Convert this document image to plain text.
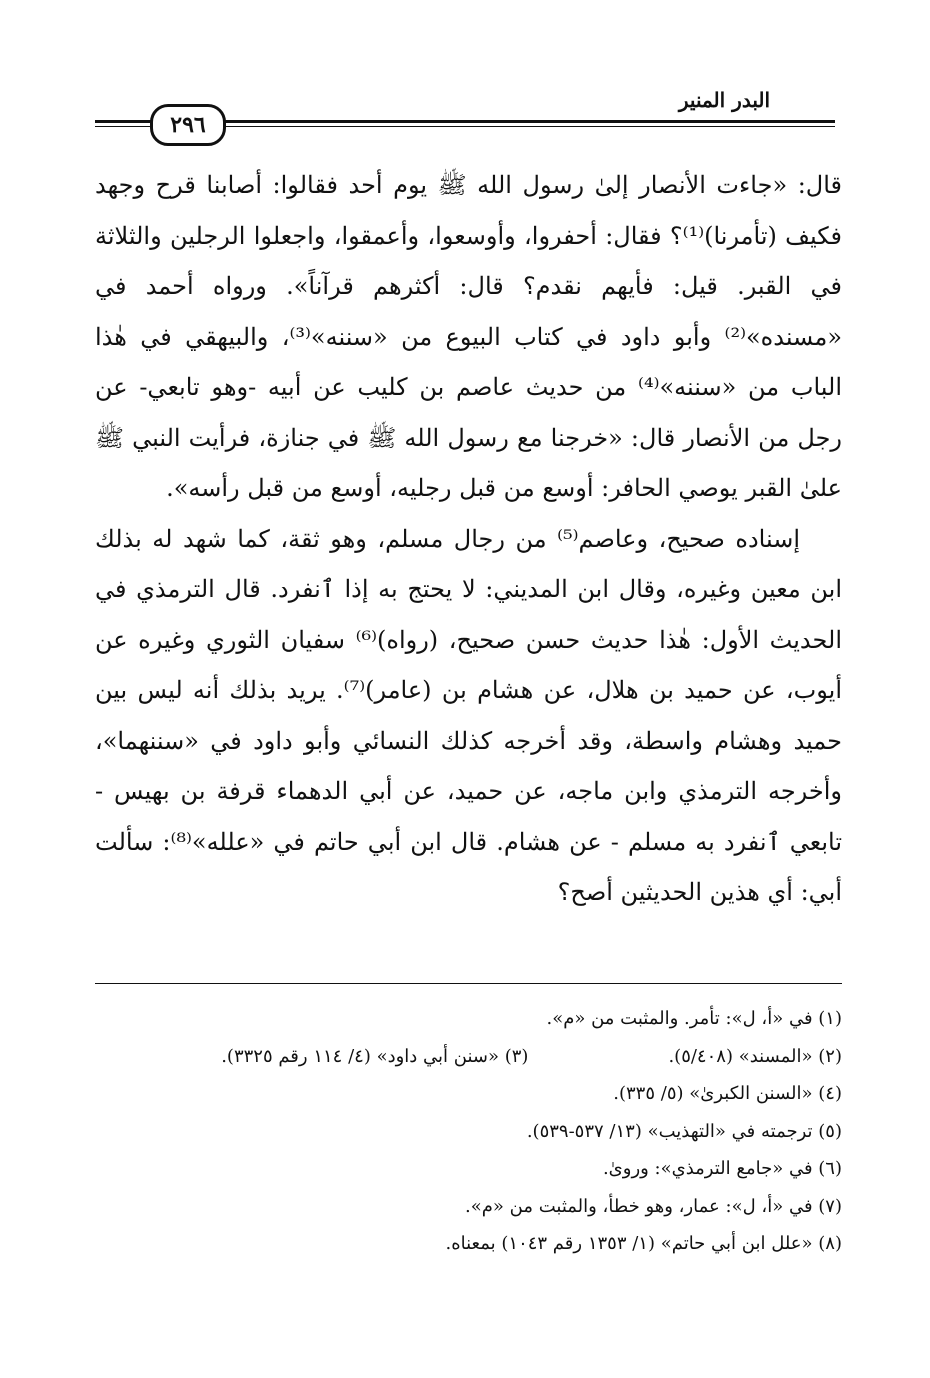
البدر المنير
٢٩٦

قال: «جاءت الأنصار إلىٰ رسول الله ﷺ يوم أحد فقالوا: أصابنا قرح وجهد فكيف (تأمرنا)⁽¹⁾؟ فقال: أحفروا، وأوسعوا، وأعمقوا، واجعلوا الرجلين والثلاثة في القبر. قيل: فأيهم نقدم؟ قال: أكثرهم قرآناً». ورواه أحمد في «مسنده»⁽²⁾ وأبو داود في كتاب البيوع من «سننه»⁽³⁾، والبيهقي في هٰذا الباب من «سننه»⁽⁴⁾ من حديث عاصم بن كليب عن أبيه -وهو تابعي- عن رجل من الأنصار قال: «خرجنا مع رسول الله ﷺ في جنازة، فرأيت النبي ﷺ علىٰ القبر يوصي الحافر: أوسع من قبل رجليه، أوسع من قبل رأسه».

إسناده صحيح، وعاصم⁽⁵⁾ من رجال مسلم، وهو ثقة، كما شهد له بذلك ابن معين وغيره، وقال ابن المديني: لا يحتج به إذا ٱنفرد. قال الترمذي في الحديث الأول: هٰذا حديث حسن صحيح، (رواه)⁽⁶⁾ سفيان الثوري وغيره عن أيوب، عن حميد بن هلال، عن هشام بن (عامر)⁽⁷⁾. يريد بذلك أنه ليس بين حميد وهشام واسطة، وقد أخرجه كذلك النسائي وأبو داود في «سننهما»، وأخرجه الترمذي وابن ماجه، عن حميد، عن أبي الدهماء قرفة بن بهيس - تابعي ٱنفرد به مسلم - عن هشام. قال ابن أبي حاتم في «علله»⁽⁸⁾: سألت أبي: أي هذين الحديثين أصح؟

(١) في «أ، ل»: تأمر. والمثبت من «م».
(٢) «المسند» (٥/٤٠٨).
(٣) «سنن أبي داود» (٤/ ١١٤ رقم ٣٣٢٥).
(٤) «السنن الكبرىٰ» (٥/ ٣٣٥).
(٥) ترجمته في «التهذيب» (١٣/ ٥٣٧-٥٣٩).
(٦) في «جامع الترمذي»: وروىٰ.
(٧) في «أ، ل»: عمار، وهو خطأ، والمثبت من «م».
(٨) «علل ابن أبي حاتم» (١/ ١٣٥٣ رقم ١٠٤٣) بمعناه.
